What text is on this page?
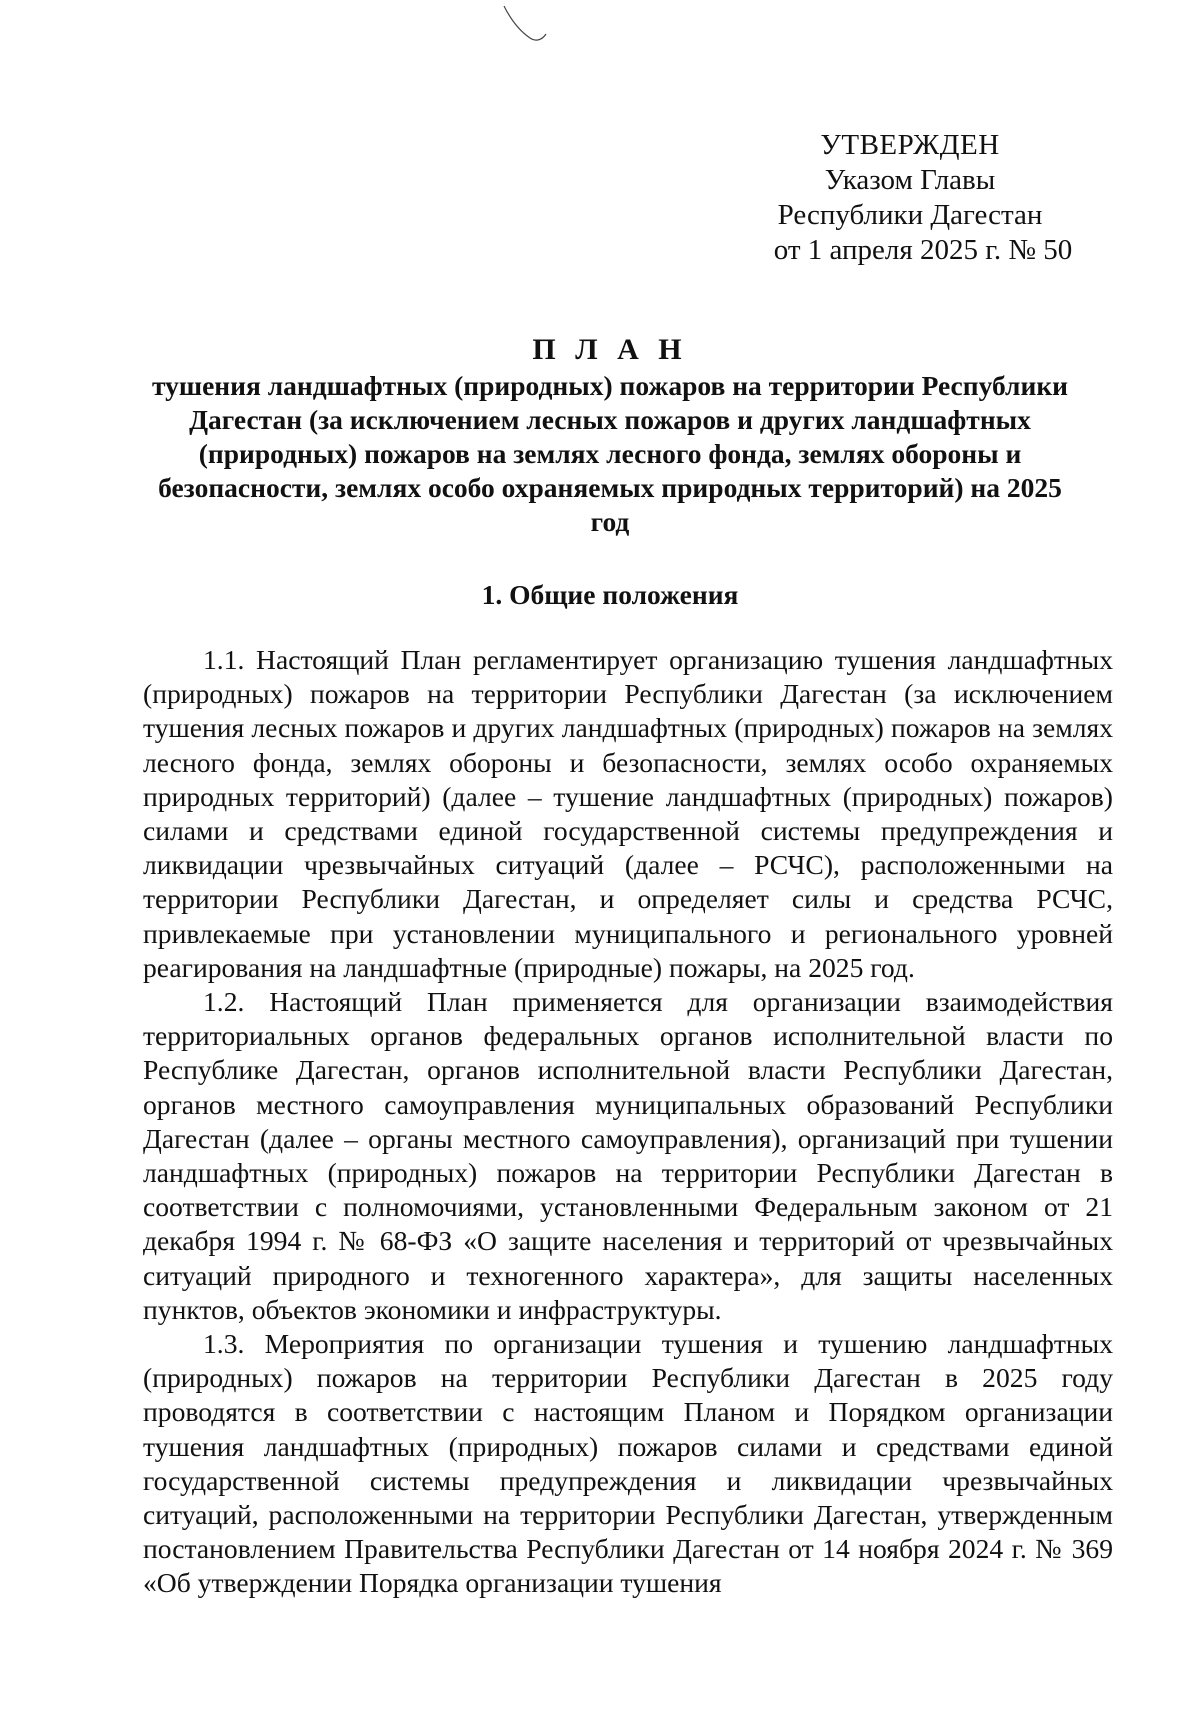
УТВЕРЖДЕН
Указом Главы
Республики Дагестан
от 1 апреля 2025 г. № 50
П Л А Н
тушения ландшафтных (природных) пожаров на территории Республики Дагестан (за исключением лесных пожаров и других ландшафтных (природных) пожаров на землях лесного фонда, землях обороны и безопасности, землях особо охраняемых природных территорий) на 2025 год
1. Общие положения

1.1. Настоящий План регламентирует организацию тушения ландшафтных (природных) пожаров на территории Республики Дагестан (за исключением тушения лесных пожаров и других ландшафтных (природных) пожаров на землях лесного фонда, землях обороны и безопасности, землях особо охраняемых природных территорий) (далее – тушение ландшафтных (природных) пожаров) силами и средствами единой государственной системы предупреждения и ликвидации чрезвычайных ситуаций (далее – РСЧС), расположенными на территории Республики Дагестан, и определяет силы и средства РСЧС, привлекаемые при установлении муниципального и регионального уровней реагирования на ландшафтные (природные) пожары, на 2025 год.

1.2. Настоящий План применяется для организации взаимодействия территориальных органов федеральных органов исполнительной власти по Республике Дагестан, органов исполнительной власти Республики Дагестан, органов местного самоуправления муниципальных образований Республики Дагестан (далее – органы местного самоуправления), организаций при тушении ландшафтных (природных) пожаров на территории Республики Дагестан в соответствии с полномочиями, установленными Федеральным законом от 21 декабря 1994 г. № 68-ФЗ «О защите населения и территорий от чрезвычайных ситуаций природного и техногенного характера», для защиты населенных пунктов, объектов экономики и инфраструктуры.

1.3. Мероприятия по организации тушения и тушению ландшафтных (природных) пожаров на территории Республики Дагестан в 2025 году проводятся в соответствии с настоящим Планом и Порядком организации тушения ландшафтных (природных) пожаров силами и средствами единой государственной системы предупреждения и ликвидации чрезвычайных ситуаций, расположенными на территории Республики Дагестан, утвержденным постановлением Правительства Республики Дагестан от 14 ноября 2024 г. № 369 «Об утверждении Порядка организации тушения
